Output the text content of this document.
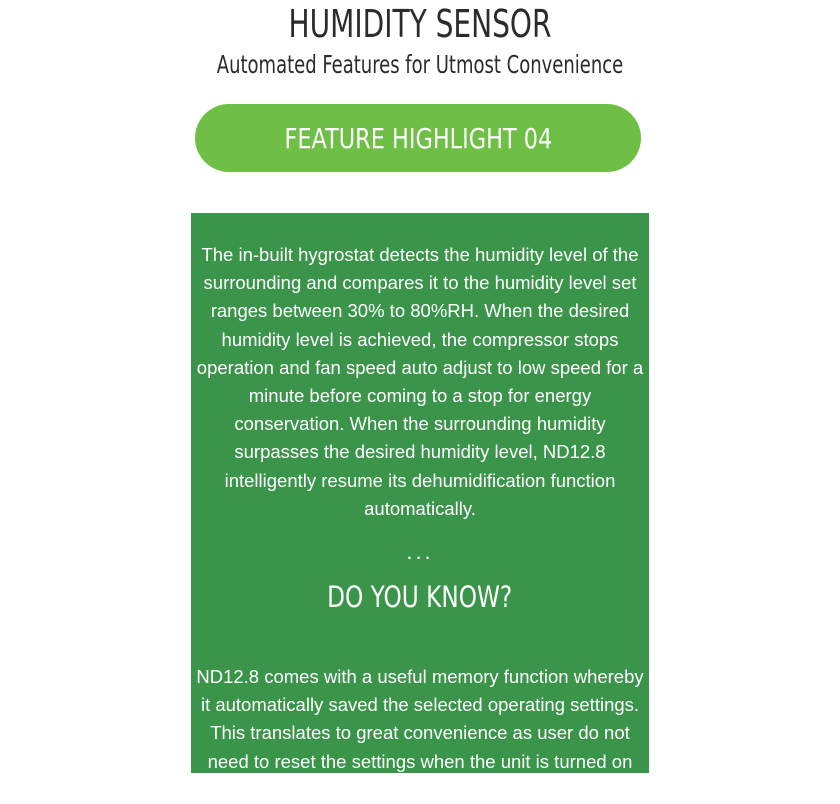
HUMIDITY SENSOR
Automated Features for Utmost Convenience
FEATURE HIGHLIGHT 04

The in-built hygrostat detects the humidity level of the surrounding and compares it to the humidity level set ranges between 30% to 80%RH. When the desired humidity level is achieved, the compressor stops operation and fan speed auto adjust to low speed for a minute before coming to a stop for energy conservation. When the surrounding humidity surpasses the desired humidity level, ND12.8 intelligently resume its dehumidification function automatically.

...
DO YOU KNOW?

ND12.8 comes with a useful memory function whereby it automatically saved the selected operating settings. This translates to great convenience as user do not need to reset the settings when the unit is turned on again.
